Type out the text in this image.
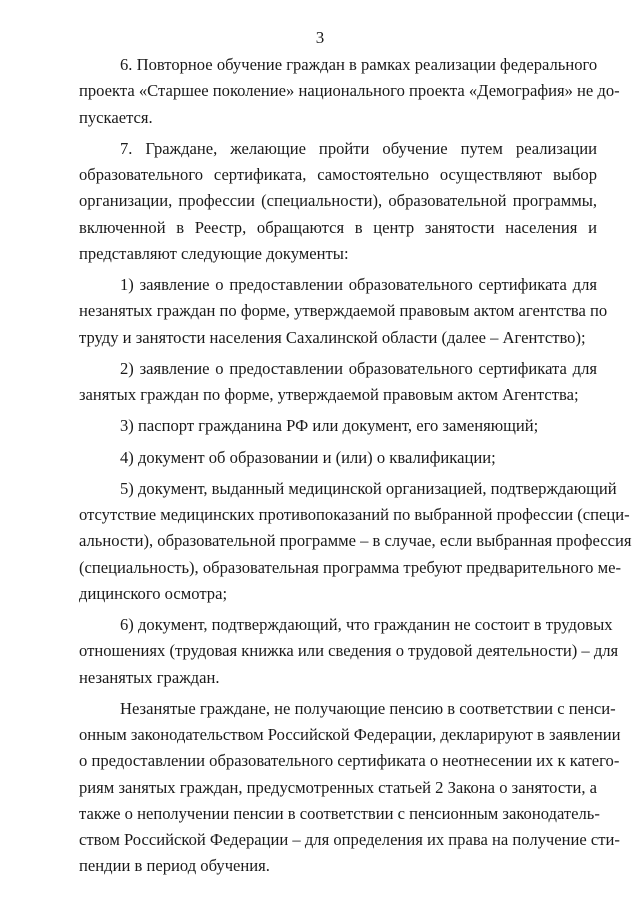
3
6. Повторное обучение граждан в рамках реализации федерального
проекта «Старшее поколение» национального проекта «Демография» не до-
пускается.
7. Граждане, желающие пройти обучение путем реализации
образовательного сертификата, самостоятельно осуществляют выбор
организации, профессии (специальности), образовательной программы,
включенной в Реестр, обращаются в центр занятости населения и
представляют следующие документы:
1) заявление о предоставлении образовательного сертификата для
незанятых граждан по форме, утверждаемой правовым актом агентства по
труду и занятости населения Сахалинской области (далее – Агентство);
2) заявление о предоставлении образовательного сертификата для
занятых граждан по форме, утверждаемой правовым актом Агентства;
3) паспорт гражданина РФ или документ, его заменяющий;
4) документ об образовании и (или) о квалификации;
5) документ, выданный медицинской организацией, подтверждающий
отсутствие медицинских противопоказаний по выбранной профессии (специ-
альности), образовательной программе – в случае, если выбранная профессия
(специальность), образовательная программа требуют предварительного ме-
дицинского осмотра;
6) документ, подтверждающий, что гражданин не состоит в трудовых
отношениях (трудовая книжка или сведения о трудовой деятельности) – для
незанятых граждан.
Незанятые граждане, не получающие пенсию в соответствии с пенси-
онным законодательством Российской Федерации, декларируют в заявлении
о предоставлении образовательного сертификата о неотнесении их к катего-
риям занятых граждан, предусмотренных статьей 2 Закона о занятости, а
также о неполучении пенсии в соответствии с пенсионным законодатель-
ством Российской Федерации – для определения их права на получение сти-
пендии в период обучения.
